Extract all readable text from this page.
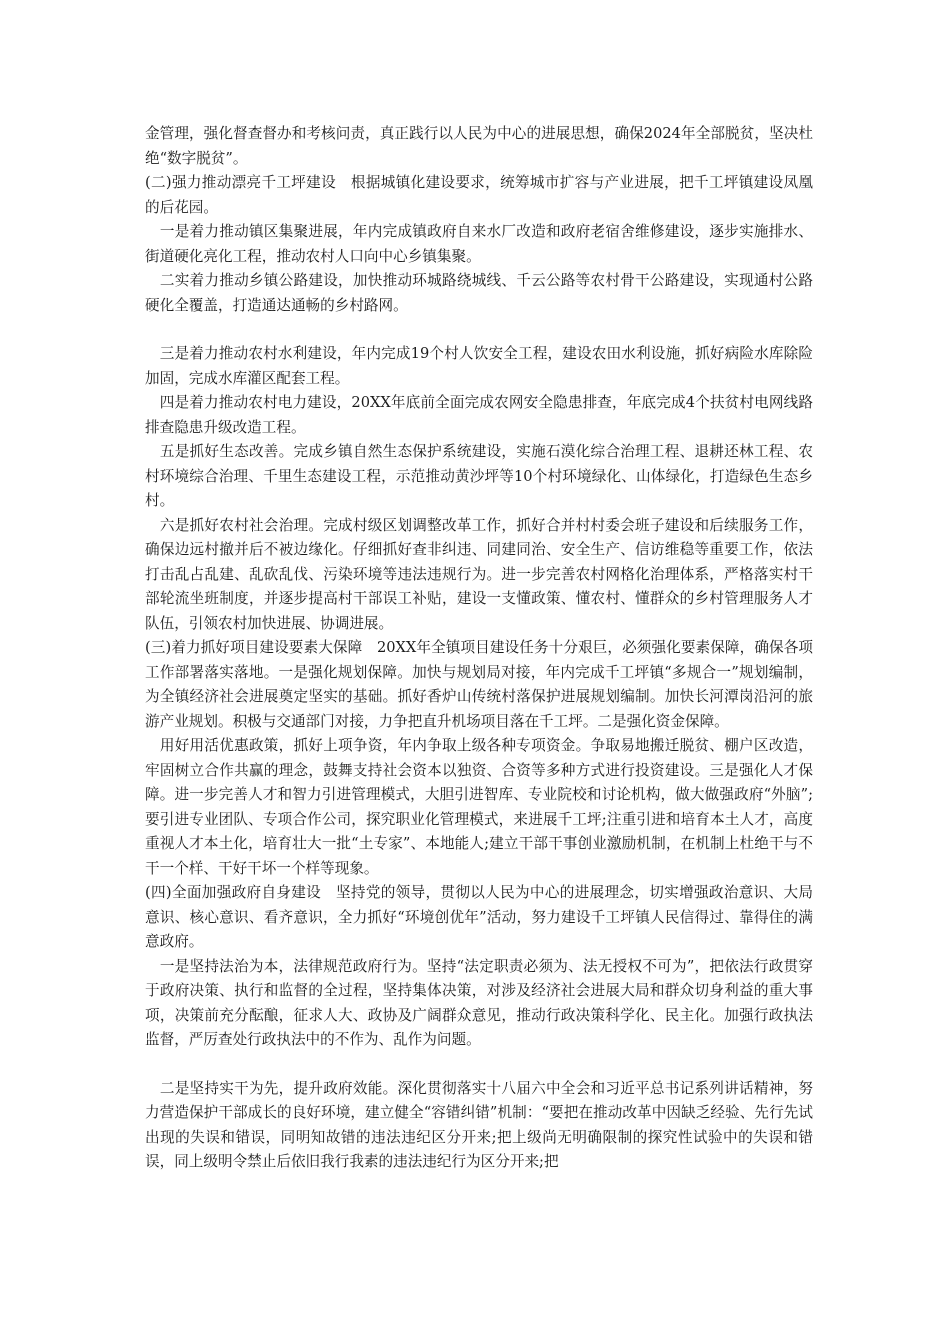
金管理，强化督查督办和考核问责，真正践行以人民为中心的进展思想，确保2024年全部脱贫，坚决杜绝“数字脱贫”。

(二)强力推动漂亮千工坪建设　根据城镇化建设要求，统筹城市扩容与产业进展，把千工坪镇建设凤凰的后花园。

　一是着力推动镇区集聚进展，年内完成镇政府自来水厂改造和政府老宿舍维修建设，逐步实施排水、街道硬化亮化工程，推动农村人口向中心乡镇集聚。

　二实着力推动乡镇公路建设，加快推动环城路绕城线、千云公路等农村骨干公路建设，实现通村公路硬化全覆盖，打造通达通畅的乡村路网。

　三是着力推动农村水利建设，年内完成19个村人饮安全工程，建设农田水利设施，抓好病险水库除险加固，完成水库灌区配套工程。

　四是着力推动农村电力建设，20XX年底前全面完成农网安全隐患排查，年底完成4个扶贫村电网线路排查隐患升级改造工程。

　五是抓好生态改善。完成乡镇自然生态保护系统建设，实施石漠化综合治理工程、退耕还林工程、农村环境综合治理、千里生态建设工程，示范推动黄沙坪等10个村环境绿化、山体绿化，打造绿色生态乡村。

　六是抓好农村社会治理。完成村级区划调整改革工作，抓好合并村村委会班子建设和后续服务工作，确保边远村撤并后不被边缘化。仔细抓好查非纠违、同建同治、安全生产、信访维稳等重要工作，依法打击乱占乱建、乱砍乱伐、污染环境等违法违规行为。进一步完善农村网格化治理体系，严格落实村干部轮流坐班制度，并逐步提高村干部误工补贴，建设一支懂政策、懂农村、懂群众的乡村管理服务人才队伍，引领农村加快进展、协调进展。

(三)着力抓好项目建设要素大保障　20XX年全镇项目建设任务十分艰巨，必须强化要素保障，确保各项工作部署落实落地。一是强化规划保障。加快与规划局对接，年内完成千工坪镇“多规合一”规划编制，为全镇经济社会进展奠定坚实的基础。抓好香炉山传统村落保护进展规划编制。加快长河潭岗沿河的旅游产业规划。积极与交通部门对接，力争把直升机场项目落在千工坪。二是强化资金保障。

　用好用活优惠政策，抓好上项争资，年内争取上级各种专项资金。争取易地搬迁脱贫、棚户区改造，牢固树立合作共赢的理念，鼓舞支持社会资本以独资、合资等多种方式进行投资建设。三是强化人才保障。进一步完善人才和智力引进管理模式，大胆引进智库、专业院校和讨论机构，做大做强政府“外脑”;要引进专业团队、专项合作公司，探究职业化管理模式，来进展千工坪;注重引进和培育本土人才，高度重视人才本土化，培育壮大一批“土专家”、本地能人;建立干部干事创业激励机制，在机制上杜绝干与不干一个样、干好干坏一个样等现象。

(四)全面加强政府自身建设　坚持党的领导，贯彻以人民为中心的进展理念，切实增强政治意识、大局意识、核心意识、看齐意识，全力抓好“环境创优年”活动，努力建设千工坪镇人民信得过、靠得住的满意政府。

　一是坚持法治为本，法律规范政府行为。坚持“法定职责必须为、法无授权不可为”，把依法行政贯穿于政府决策、执行和监督的全过程，坚持集体决策，对涉及经济社会进展大局和群众切身利益的重大事项，决策前充分酝酿，征求人大、政协及广阔群众意见，推动行政决策科学化、民主化。加强行政执法监督，严厉查处行政执法中的不作为、乱作为问题。

　二是坚持实干为先，提升政府效能。深化贯彻落实十八届六中全会和习近平总书记系列讲话精神，努力营造保护干部成长的良好环境，建立健全“容错纠错”机制：“要把在推动改革中因缺乏经验、先行先试出现的失误和错误，同明知故错的违法违纪区分开来;把上级尚无明确限制的探究性试验中的失误和错误，同上级明令禁止后依旧我行我素的违法违纪行为区分开来;把
